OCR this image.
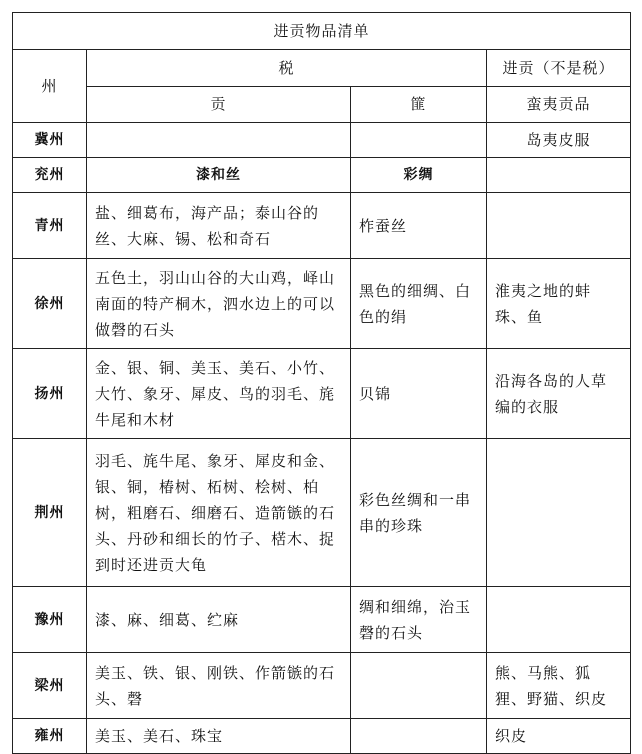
进贡物品清单			
州	税		进贡（不是税）
	贡	篚	蛮夷贡品
冀州			岛夷皮服
兖州	漆和丝	彩绸	
青州	盐、细葛布，海产品；泰山谷的丝、大麻、锡、松和奇石	柞蚕丝	
徐州	五色土，羽山山谷的大山鸡，峄山南面的特产桐木，泗水边上的可以做磬的石头	黑色的细绸、白色的绢	淮夷之地的蚌珠、鱼
扬州	金、银、铜、美玉、美石、小竹、大竹、象牙、犀皮、鸟的羽毛、旄牛尾和木材	贝锦	沿海各岛的人草编的衣服
荆州	羽毛、旄牛尾、象牙、犀皮和金、银、铜，椿树、柘树、桧树、柏树，粗磨石、细磨石、造箭镞的石头、丹砂和细长的竹子、楛木、捉到时还进贡大龟	彩色丝绸和一串串的珍珠	
豫州	漆、麻、细葛、纻麻	绸和细绵，治玉磬的石头	
梁州	美玉、铁、银、刚铁、作箭镞的石头、磬		熊、马熊、狐狸、野猫、织皮
雍州	美玉、美石、珠宝		织皮
